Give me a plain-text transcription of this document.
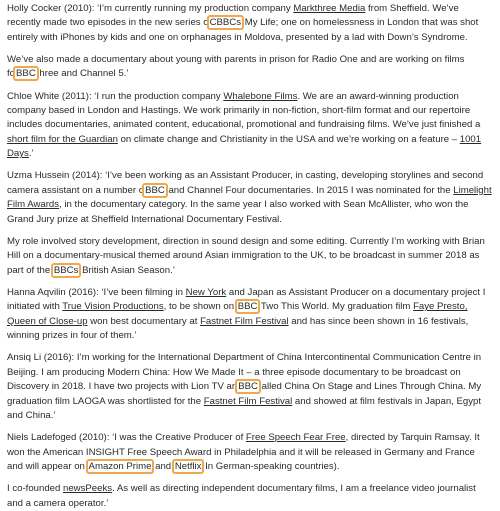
Holly Cocker (2010): ‘I’m currently running my production company Markthree Media from Sheffield. We’ve recently made two episodes in the new series oCBBCs My Life; one on homelessness in London that was shot entirely with iPhones by kids and one on orphanages in Moldova, presented by a lad with Down’s Syndrome.

We’ve also made a documentary about young with parents in prison for Radio One and are working on films foBBC hree and Channel 5.’

Chloe White (2011): ‘I run the production company Whalebone Films. We are an award-winning production company based in London and Hastings. We work primarily in non-fiction, short-film format and our repertoire includes documentaries, animated content, educational, promotional and fundraising films. We’ve just finished a short film for the Guardian on climate change and Christianity in the USA and we’re working on a feature – 1001 Days.’

Uzma Hussein (2014): ‘I’ve been working as an Assistant Producer, in casting, developing storylines and second camera assistant on a number oBBC and Channel Four documentaries. In 2015 I was nominated for the Limelight Film Awards, in the documentary category. In the same year I also worked with Sean McAllister, who won the Grand Jury prize at Sheffield International Documentary Festival.

My role involved story development, direction in sound design and some editing. Currently I’m working with Brian Hill on a documentary-musical themed around Asian immigration to the UK, to be broadcast in summer 2018 as part of the BBCs British Asian Season.’

Hanna Aqvilin (2016): ‘I’ve been filming in New York and Japan as Assistant Producer on a documentary project I initiated with True Vision Productions, to be shown on BBC Two This World. My graduation film Faye Presto, Queen of Close-up won best documentary at Fastnet Film Festival and has since been shown in 16 festivals, winning prizes in four of them.’

Ansiq Li (2016): I’m working for the International Department of China Intercontinental Communication Centre in Beijing. I am producing Modern China: How We Made It – a three episode documentary to be broadcast on Discovery in 2018. I have two projects with Lion TV anBBC alled China On Stage and Lines Through China. My graduation film LAOGA was shortlisted for the Fastnet Film Festival and showed at film festivals in Japan, Egypt and China.’

Niels Ladefoged (2010): ‘I was the Creative Producer of Free Speech Fear Free, directed by Tarquin Ramsay. It won the American INSIGHT Free Speech Award in Philadelphia and it will be released in Germany and France and will appear on Amazon Prime and Netflix In German-speaking countries).

I co-founded newsPeeks. As well as directing independent documentary films, I am a freelance video journalist and a camera operator.’
